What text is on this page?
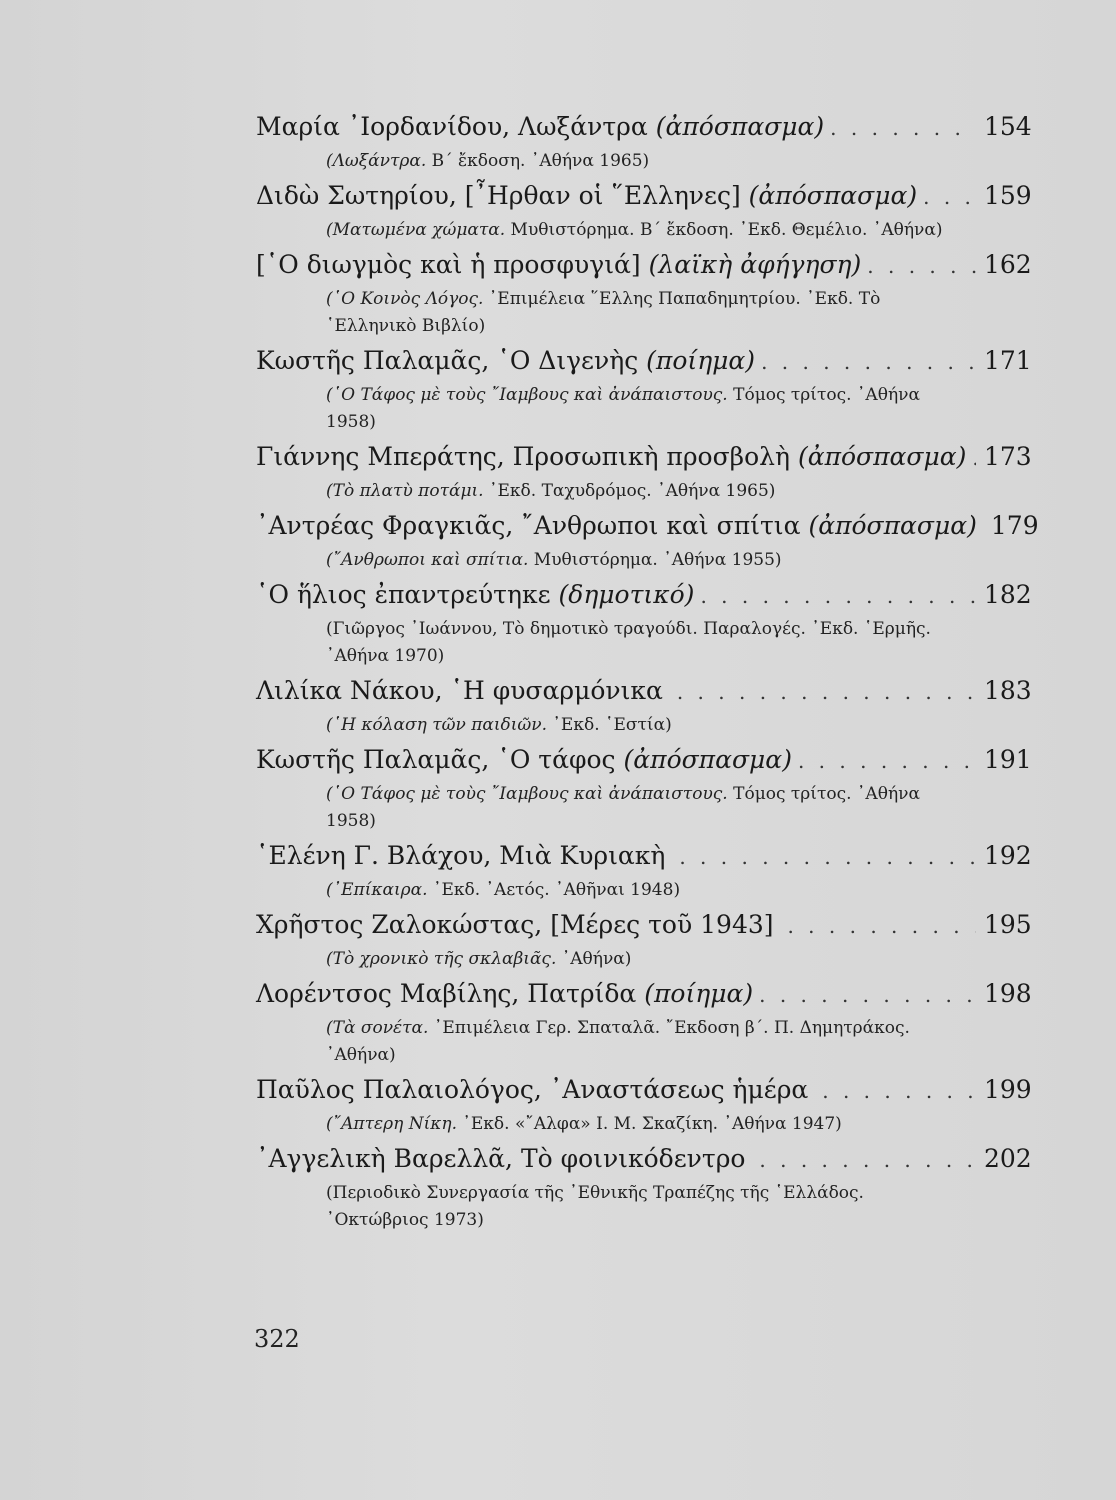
Μαρία ᾿Ιορδανίδου, Λωξάντρα
(ἀπόσπασμα) . . .	154
(Λωξάντρα. Β΄ ἔκδοση. ᾿Αθήνα 1965)
Διδὼ Σωτηρίου, [῏Ηρθαν οἱ ῞Ελληνες]
(ἀπόσπασμα) . . .	159
(Ματωμένα χώματα. Μυθιστόρημα. Β΄ ἔκδοση. ᾿Εκδ. Θεμέλιο. ᾿Αθήνα)
[῾Ο διωγμὸς καὶ ἡ προσφυγιά]
(λαϊκὴ ἀφήγηση) . . .	162
(῾Ο Κοινὸς Λόγος. ᾿Επιμέλεια ῞Ελλης Παπαδημητρίου. ᾿Εκδ. Τὸ ῾Ελληνικὸ Βιβλίο)
Κωστῆς Παλαμᾶς, ῾Ο Διγενὴς
(ποίημα) . . .	171
(῾Ο Τάφος μὲ τοὺς ῎Ιαμβους καὶ ἀνάπαιστους. Τόμος τρίτος. ᾿Αθήνα 1958)
Γιάννης Μπεράτης, Προσωπικὴ προσβολὴ
(ἀπόσπασμα) . . . 173
(Τὸ πλατὺ ποτάμι. ᾿Εκδ. Ταχυδρόμος. ᾿Αθήνα 1965)
᾿Αντρέας Φραγκιᾶς, ῎Ανθρωποι καὶ σπίτια
(ἀπόσπασμα) 179
(῎Ανθρωποι καὶ σπίτια. Μυθιστόρημα. ᾿Αθήνα 1955)
῾Ο ἥλιος ἐπαντρεύτηκε
(δημοτικό) . . .	182
(Γιῶργος ᾿Ιωάννου, Τὸ δημοτικὸ τραγούδι. Παραλογές. ᾿Εκδ. ῾Ερμῆς. ᾿Αθήνα 1970)
Λιλίκα Νάκου, ῾Η φυσαρμόνικα
. . .	183
(῾Η κόλαση τῶν παιδιῶν. ᾿Εκδ. ῾Εστία)
Κωστῆς Παλαμᾶς, ῾Ο τάφος
(ἀπόσπασμα) . . .	191
(῾Ο Τάφος μὲ τοὺς ῎Ιαμβους καὶ ἀνάπαιστους. Τόμος τρίτος. ᾿Αθήνα 1958)
῾Ελένη Γ. Βλάχου, Μιὰ Κυριακὴ
. . .	192
(᾿Επίκαιρα. ᾿Εκδ. ᾿Αετός. ᾿Αθῆναι 1948)
Χρῆστος Ζαλοκώστας, [Μέρες τοῦ 1943]
. . .	195
(Τὸ χρονικὸ τῆς σκλαβιᾶς. ᾿Αθήνα)
Λορέντσος Μαβίλης, Πατρίδα
(ποίημα) . . .	198
(Τὰ σονέτα. ᾿Επιμέλεια Γερ. Σπαταλᾶ. ῎Εκδοση β΄. Π. Δημητράκος. ᾿Αθήνα)
Παῦλος Παλαιολόγος, ᾿Αναστάσεως ἡμέρα
. . .	199
(῎Απτερη Νίκη. ᾿Εκδ. «῎Αλφα» Ι. Μ. Σκαζίκη. ᾿Αθήνα 1947)
᾿Αγγελικὴ Βαρελλᾶ, Τὸ φοινικόδεντρο
. . .	202
(Περιοδικὸ Συνεργασία τῆς ᾿Εθνικῆς Τραπέζης τῆς ῾Ελλάδος. ᾿Οκτώβριος 1973)
322
